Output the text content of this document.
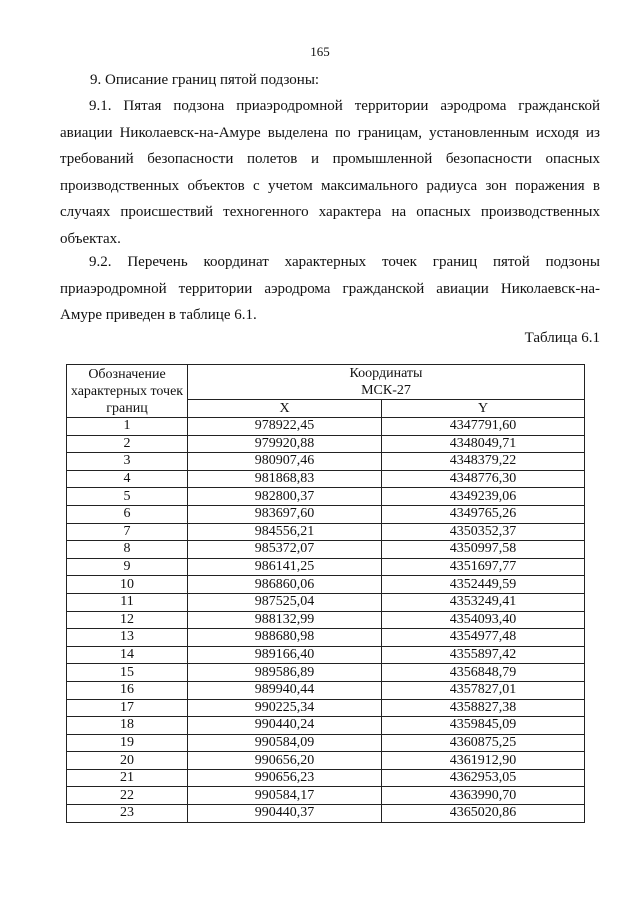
165
9. Описание границ пятой подзоны:

9.1. Пятая подзона приаэродромной территории аэродрома гражданской авиации Николаевск-на-Амуре выделена по границам, установленным исходя из требований безопасности полетов и промышленной безопасности опасных производственных объектов с учетом максимального радиуса зон поражения в случаях происшествий техногенного характера на опасных производственных объектах.

9.2. Перечень координат характерных точек границ пятой подзоны приаэродромной территории аэродрома гражданской авиации Николаевск-на-Амуре приведен в таблице 6.1.

Таблица 6.1
Обозначение характерных точек границ	Координаты
МСК-27	
	X	Y
1	978922,45	4347791,60
2	979920,88	4348049,71
3	980907,46	4348379,22
4	981868,83	4348776,30
5	982800,37	4349239,06
6	983697,60	4349765,26
7	984556,21	4350352,37
8	985372,07	4350997,58
9	986141,25	4351697,77
10	986860,06	4352449,59
11	987525,04	4353249,41
12	988132,99	4354093,40
13	988680,98	4354977,48
14	989166,40	4355897,42
15	989586,89	4356848,79
16	989940,44	4357827,01
17	990225,34	4358827,38
18	990440,24	4359845,09
19	990584,09	4360875,25
20	990656,20	4361912,90
21	990656,23	4362953,05
22	990584,17	4363990,70
23	990440,37	4365020,86
